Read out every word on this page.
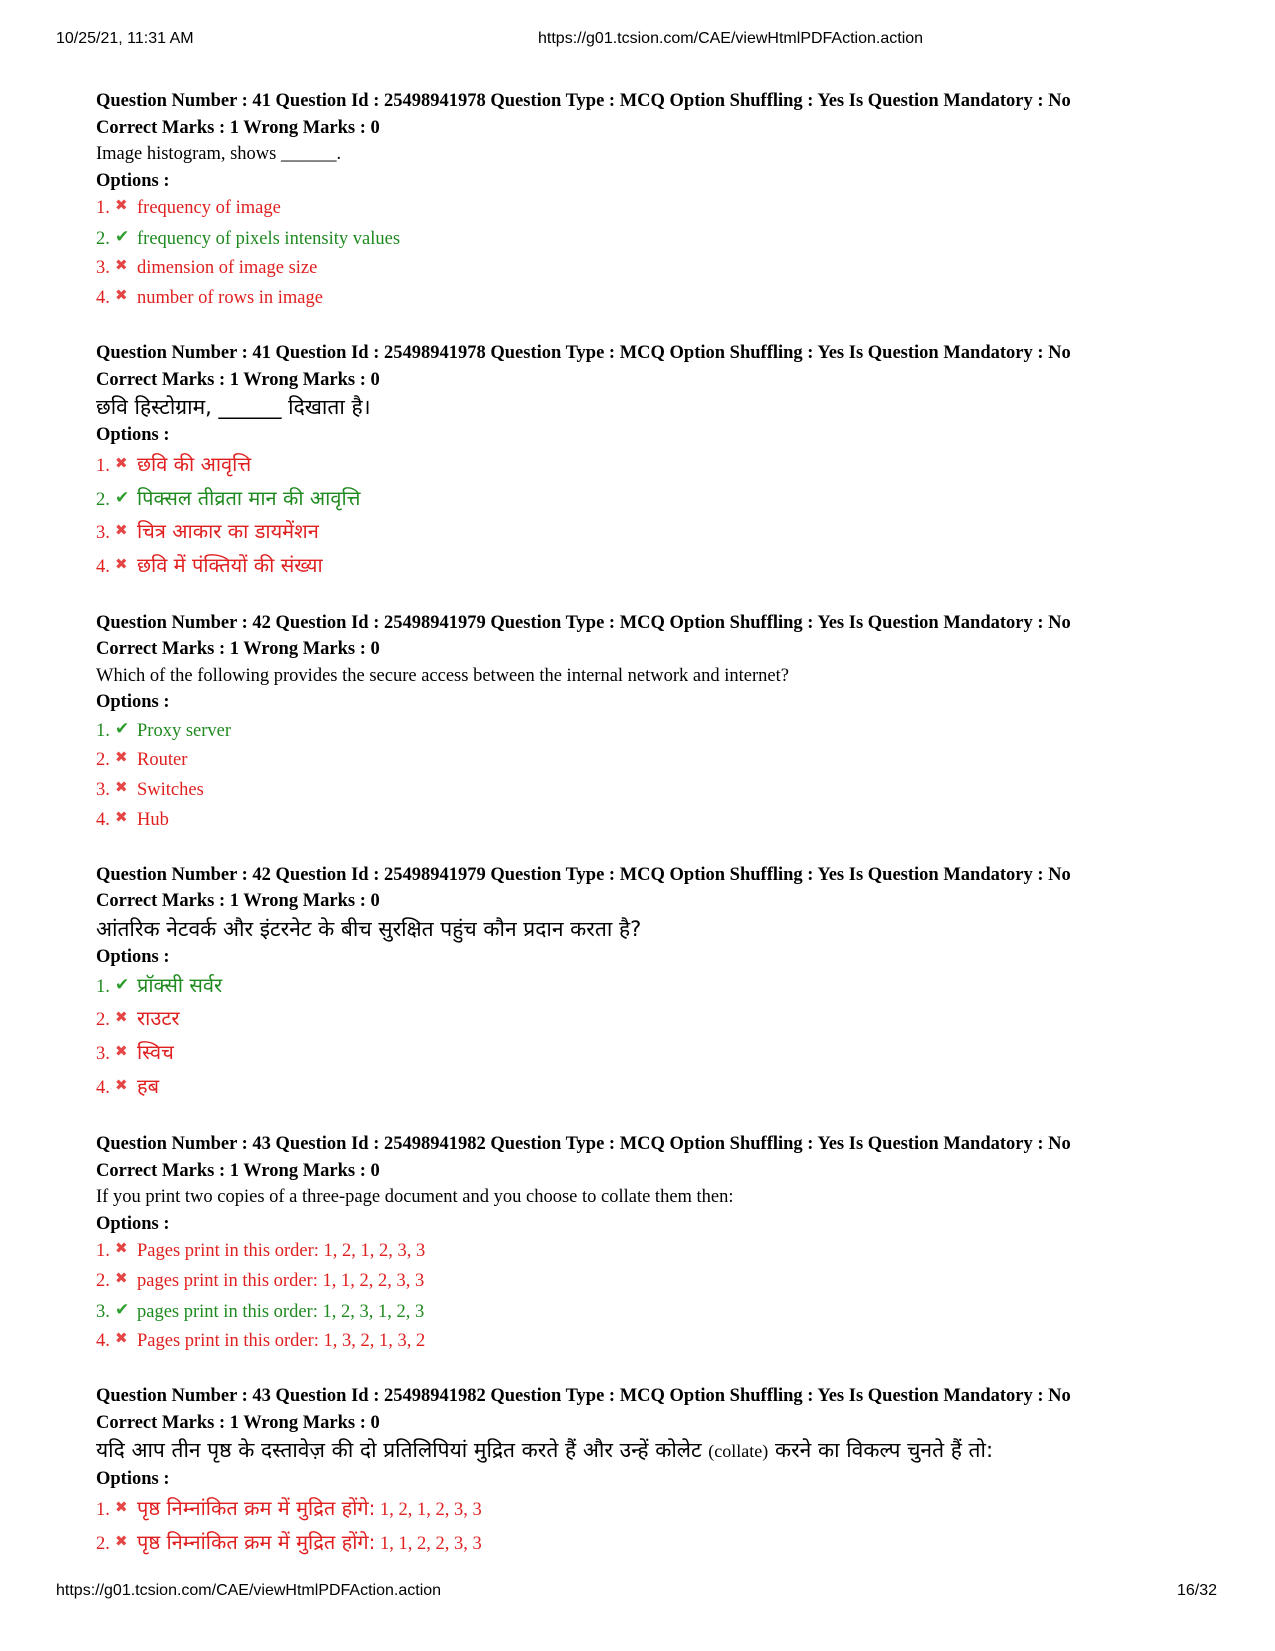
10/25/21, 11:31 AM	https://g01.tcsion.com/CAE/viewHtmlPDFAction.action
Question Number : 41 Question Id : 25498941978 Question Type : MCQ Option Shuffling : Yes Is Question Mandatory : No
Correct Marks : 1 Wrong Marks : 0
Image histogram, shows ______.
Options :
1. ✖ frequency of image
2. ✔ frequency of pixels intensity values
3. ✖ dimension of image size
4. ✖ number of rows in image
Question Number : 41 Question Id : 25498941978 Question Type : MCQ Option Shuffling : Yes Is Question Mandatory : No
Correct Marks : 1 Wrong Marks : 0
छवि हिस्टोग्राम, ______ दिखाता है।
Options :
1. ✖ छवि की आवृत्ति
2. ✔ पिक्सल तीव्रता मान की आवृत्ति
3. ✖ चित्र आकार का डायमेंशन
4. ✖ छवि में पंक्तियों की संख्या
Question Number : 42 Question Id : 25498941979 Question Type : MCQ Option Shuffling : Yes Is Question Mandatory : No
Correct Marks : 1 Wrong Marks : 0
Which of the following provides the secure access between the internal network and internet?
Options :
1. ✔ Proxy server
2. ✖ Router
3. ✖ Switches
4. ✖ Hub
Question Number : 42 Question Id : 25498941979 Question Type : MCQ Option Shuffling : Yes Is Question Mandatory : No
Correct Marks : 1 Wrong Marks : 0
आंतरिक नेटवर्क और इंटरनेट के बीच सुरक्षित पहुंच कौन प्रदान करता है?
Options :
1. ✔ प्रॉक्सी सर्वर
2. ✖ राउटर
3. ✖ स्विच
4. ✖ हब
Question Number : 43 Question Id : 25498941982 Question Type : MCQ Option Shuffling : Yes Is Question Mandatory : No
Correct Marks : 1 Wrong Marks : 0
If you print two copies of a three-page document and you choose to collate them then:
Options :
1. ✖ Pages print in this order: 1, 2, 1, 2, 3, 3
2. ✖ pages print in this order: 1, 1, 2, 2, 3, 3
3. ✔ pages print in this order: 1, 2, 3, 1, 2, 3
4. ✖ Pages print in this order: 1, 3, 2, 1, 3, 2
Question Number : 43 Question Id : 25498941982 Question Type : MCQ Option Shuffling : Yes Is Question Mandatory : No
Correct Marks : 1 Wrong Marks : 0
यदि आप तीन पृष्ठ के दस्तावेज़ की दो प्रतिलिपियां मुद्रित करते हैं और उन्हें कोलेट (collate) करने का विकल्प चुनते हैं तो:
Options :
1. ✖ पृष्ठ निम्नांकित क्रम में मुद्रित होंगे: 1, 2, 1, 2, 3, 3
2. ✖ पृष्ठ निम्नांकित क्रम में मुद्रित होंगे: 1, 1, 2, 2, 3, 3
https://g01.tcsion.com/CAE/viewHtmlPDFAction.action	16/32
